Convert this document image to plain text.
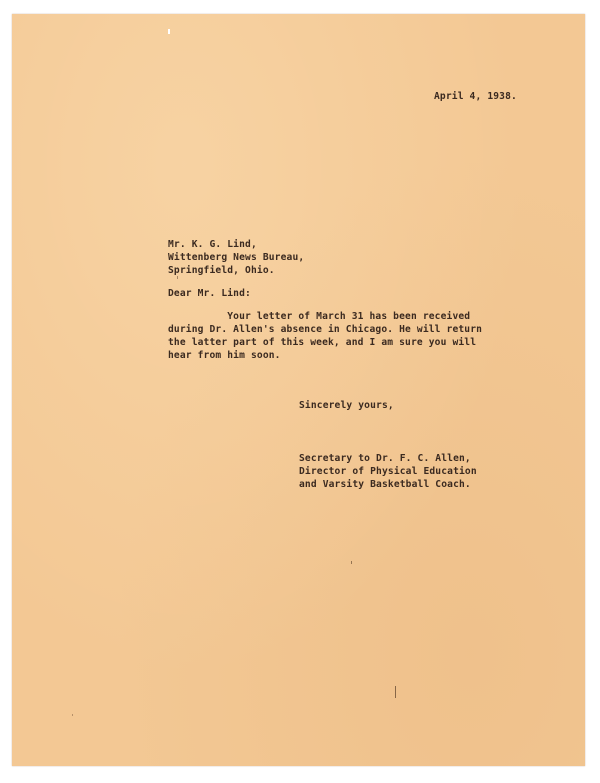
April 4, 1938.

Mr. K. G. Lind,
Wittenberg News Bureau,
Springfield, Ohio.

Dear Mr. Lind:

Your letter of March 31 has been received
during Dr. Allen's absence in Chicago. He will return
the latter part of this week, and I am sure you will
hear from him soon.

Sincerely yours,

Secretary to Dr. F. C. Allen,
Director of Physical Education
and Varsity Basketball Coach.
